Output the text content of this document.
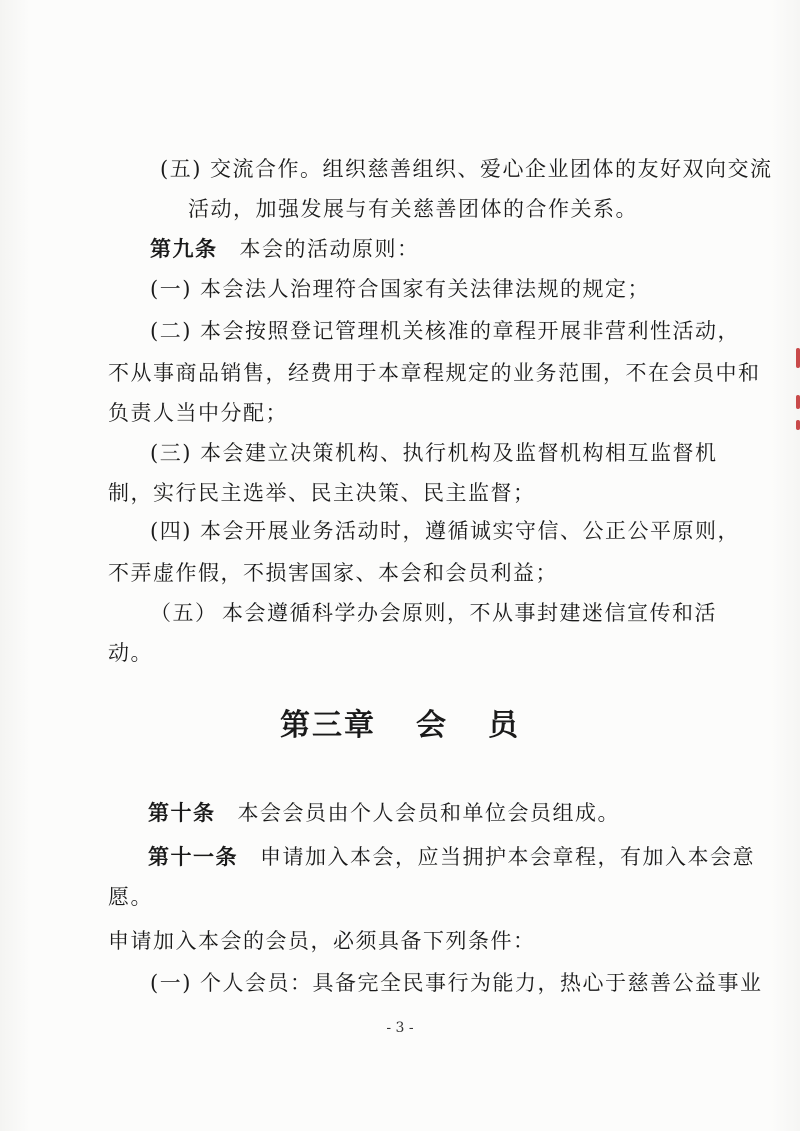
(五) 交流合作。组织慈善组织、爱心企业团体的友好双向交流
活动，加强发展与有关慈善团体的合作关系。
第九条 本会的活动原则：
(一) 本会法人治理符合国家有关法律法规的规定；
(二) 本会按照登记管理机关核准的章程开展非营利性活动，
不从事商品销售，经费用于本章程规定的业务范围，不在会员中和
负责人当中分配；
(三) 本会建立决策机构、执行机构及监督机构相互监督机
制，实行民主选举、民主决策、民主监督；
(四) 本会开展业务活动时，遵循诚实守信、公正公平原则，
不弄虚作假，不损害国家、本会和会员利益；
（五） 本会遵循科学办会原则，不从事封建迷信宣传和活
动。
第三章 会 员
第十条 本会会员由个人会员和单位会员组成。
第十一条 申请加入本会，应当拥护本会章程，有加入本会意
愿。
申请加入本会的会员，必须具备下列条件：
(一) 个人会员：具备完全民事行为能力，热心于慈善公益事业
- 3 -
